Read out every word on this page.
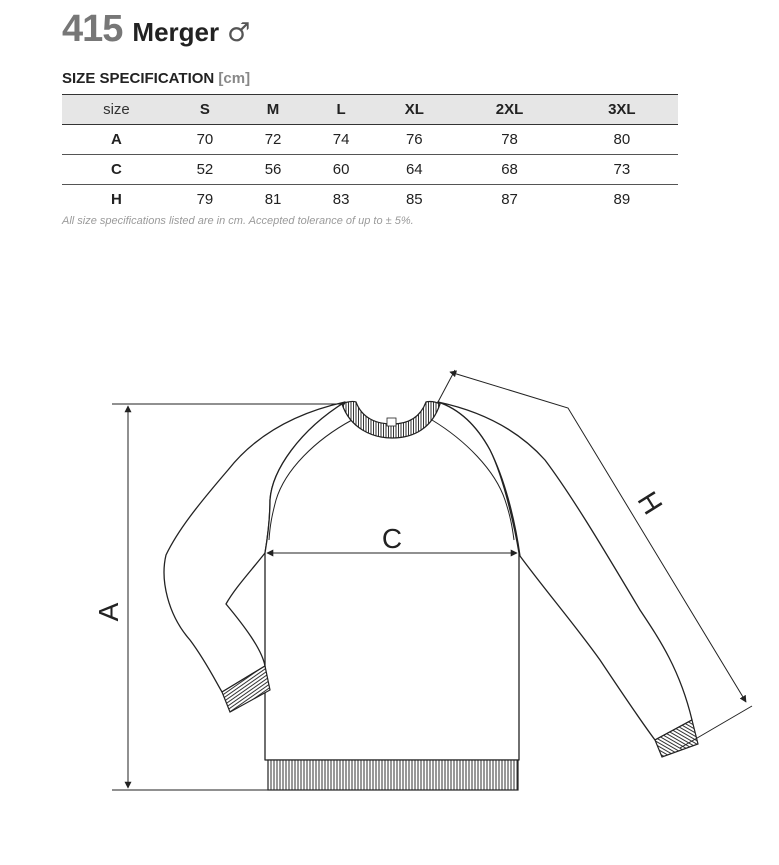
415 Merger ♂
SIZE SPECIFICATION [cm]
size	S	M	L	XL	2XL	3XL
A	70	72	74	76	78	80
C	52	56	60	64	68	73
H	79	81	83	85	87	89
All size specifications listed are in cm. Accepted tolerance of up to ± 5%.
A
C
H
